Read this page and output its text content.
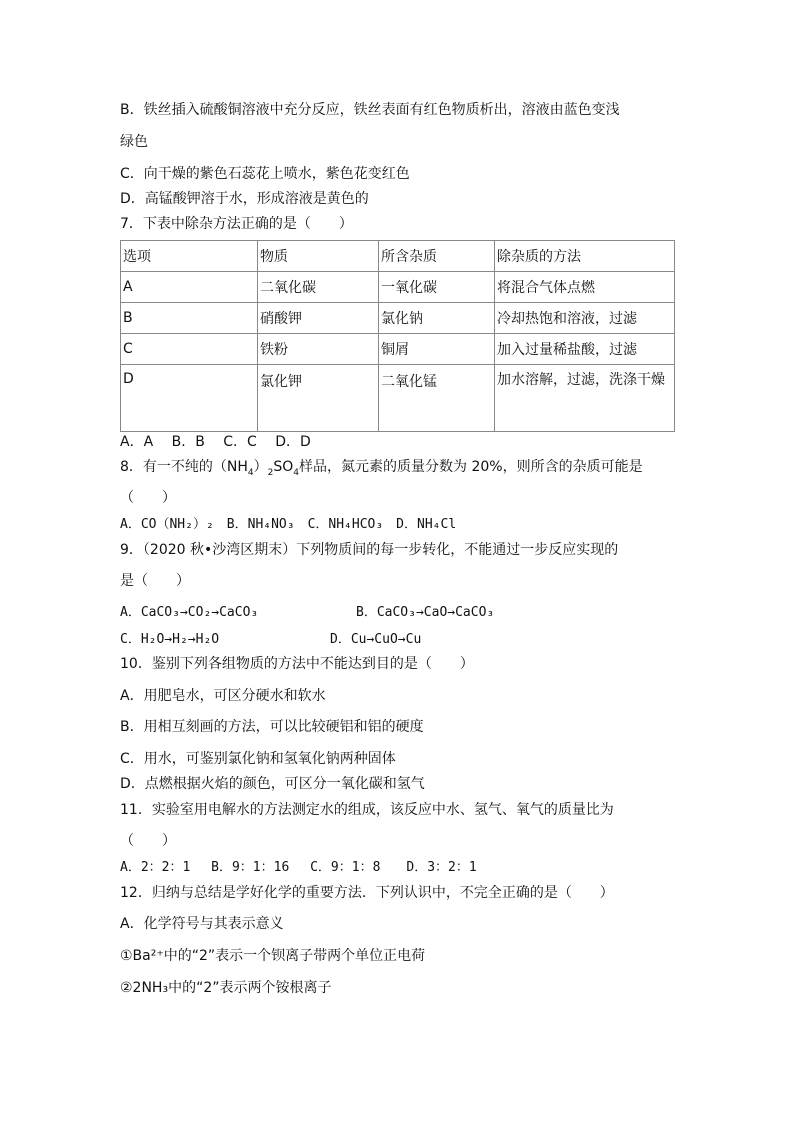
B．铁丝插入硫酸铜溶液中充分反应，铁丝表面有红色物质析出，溶液由蓝色变浅
绿色
C．向干燥的紫色石蕊花上喷水，紫色花变红色
D．高锰酸钾溶于水，形成溶液是黄色的
7．下表中除杂方法正确的是（　　）
选项	物质	所含杂质	除杂质的方法
A	二氧化碳	一氧化碳	将混合气体点燃
B	硝酸钾	氯化钠	冷却热饱和溶液，过滤
C	铁粉	铜屑	加入过量稀盐酸，过滤
D	氯化钾	二氧化锰	加水溶解，过滤，洗涤干燥
A．A　 B．B　 C．C　 D．D
8．有一不纯的$(NH_4)_2SO_4$样品，氮元素的质量分数为 20%，则所含的杂质可能是
（　　）
A．CO（NH₂）₂　B．NH₄NO₃　C．NH₄HCO₃　D．NH₄Cl
9．（2020 秋•沙湾区期末）下列物质间的每一步转化，不能通过一步反应实现的
是（　　）
A．CaCO₃→CO₂→CaCO₃	B．CaCO₃→CaO→CaCO₃
C．H₂O→H₂→H₂O	D．Cu→CuO→Cu
10．鉴别下列各组物质的方法中不能达到目的是（　　）
A．用肥皂水，可区分硬水和软水
B．用相互刻画的方法，可以比较硬铝和铝的硬度
C．用水，可鉴别氯化钠和氢氧化钠两种固体
D．点燃根据火焰的颜色，可区分一氧化碳和氢气
11．实验室用电解水的方法测定水的组成，该反应中水、氢气、氧气的质量比为
（　　）
A．2：2：1　 B．9：1：16　 C．9：1：8　　D．3：2：1
12．归纳与总结是学好化学的重要方法．下列认识中，不完全正确的是（　　）
A．化学符号与其表示意义
①Ba²⁺中的“2”表示一个钡离子带两个单位正电荷
②2NH₃中的“2”表示两个铵根离子
